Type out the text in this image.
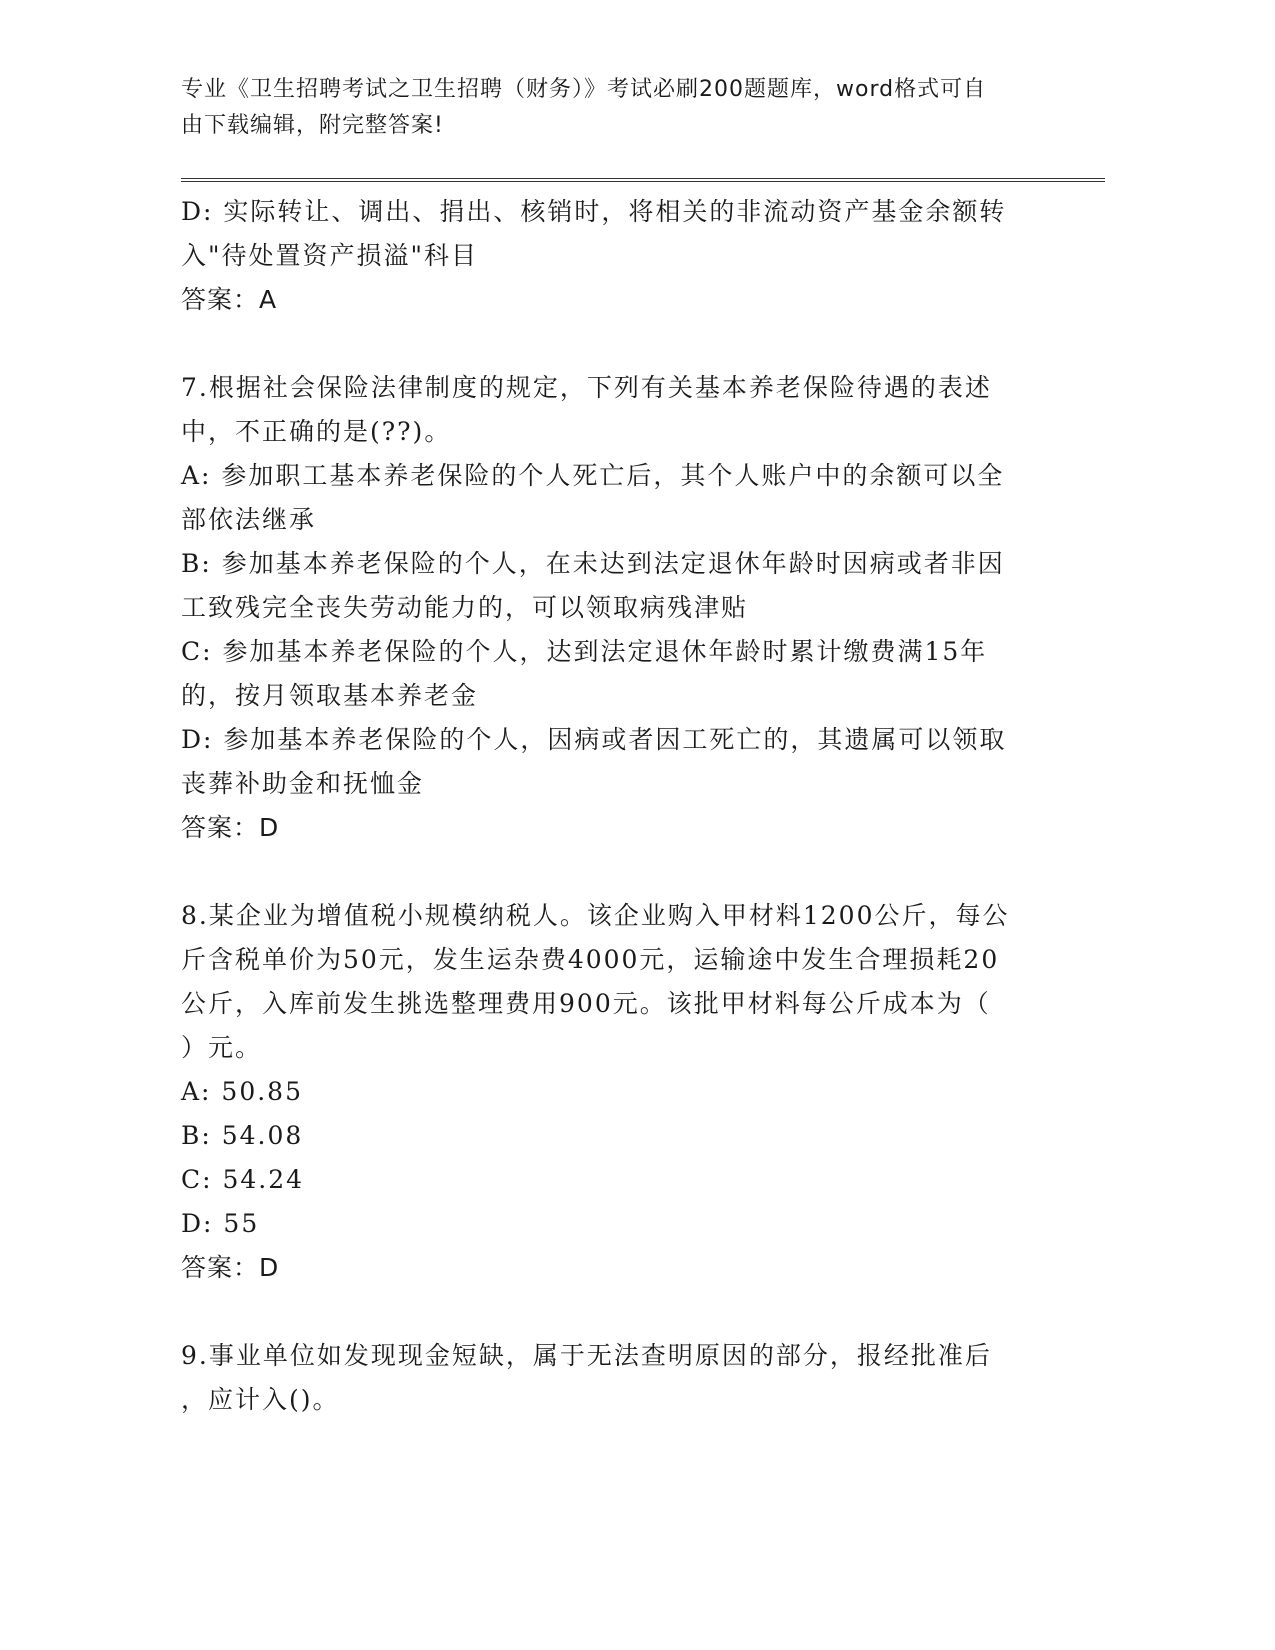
专业《卫生招聘考试之卫生招聘（财务）》考试必刷200题题库，word格式可自
由下载编辑，附完整答案!
D: 实际转让、调出、捐出、核销时，将相关的非流动资产基金余额转
入"待处置资产损溢"科目
答案：A
7.根据社会保险法律制度的规定，下列有关基本养老保险待遇的表述
中，不正确的是(??)。
A: 参加职工基本养老保险的个人死亡后，其个人账户中的余额可以全
部依法继承
B: 参加基本养老保险的个人，在未达到法定退休年龄时因病或者非因
工致残完全丧失劳动能力的，可以领取病残津贴
C: 参加基本养老保险的个人，达到法定退休年龄时累计缴费满15年
的，按月领取基本养老金
D: 参加基本养老保险的个人，因病或者因工死亡的，其遗属可以领取
丧葬补助金和抚恤金
答案：D
8.某企业为增值税小规模纳税人。该企业购入甲材料1200公斤，每公
斤含税单价为50元，发生运杂费4000元，运输途中发生合理损耗20
公斤，入库前发生挑选整理费用900元。该批甲材料每公斤成本为（
）元。
A: 50.85
B: 54.08
C: 54.24
D: 55
答案：D
9.事业单位如发现现金短缺，属于无法查明原因的部分，报经批准后
，应计入()。
